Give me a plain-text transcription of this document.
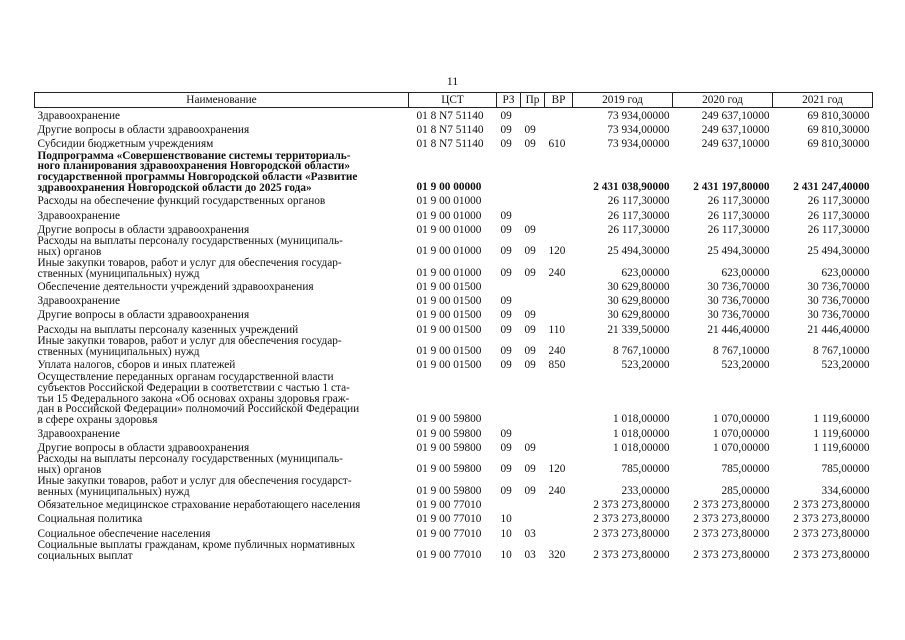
11
Наименование	ЦСТ	РЗ	Пр	ВР	2019 год	2020 год	2021 год

Здравоохранение	01 8 N7 51140	09			73 934,00000	249 637,10000	69 810,30000

Другие вопросы в области здравоохранения	01 8 N7 51140	09	09		73 934,00000	249 637,10000	69 810,30000

Субсидии бюджетным учреждениям	01 8 N7 51140	09	09	610	73 934,00000	249 637,10000	69 810,30000

Подпрограмма «Совершенствование системы территориаль-
ного планирования здравоохранения Новгородской области»
государственной программы Новгородской области «Развитие
здравоохранения Новгородской области до 2025 года»	01 9 00 00000				2 431 038,90000	2 431 197,80000	2 431 247,40000

Расходы на обеспечение функций государственных органов	01 9 00 01000				26 117,30000	26 117,30000	26 117,30000

Здравоохранение	01 9 00 01000	09			26 117,30000	26 117,30000	26 117,30000

Другие вопросы в области здравоохранения	01 9 00 01000	09	09		26 117,30000	26 117,30000	26 117,30000

Расходы на выплаты персоналу государственных (муниципаль-
ных) органов	01 9 00 01000	09	09	120	25 494,30000	25 494,30000	25 494,30000

Иные закупки товаров, работ и услуг для обеспечения государ-
ственных (муниципальных) нужд	01 9 00 01000	09	09	240	623,00000	623,00000	623,00000

Обеспечение деятельности учреждений здравоохранения	01 9 00 01500				30 629,80000	30 736,70000	30 736,70000

Здравоохранение	01 9 00 01500	09			30 629,80000	30 736,70000	30 736,70000

Другие вопросы в области здравоохранения	01 9 00 01500	09	09		30 629,80000	30 736,70000	30 736,70000

Расходы на выплаты персоналу казенных учреждений	01 9 00 01500	09	09	110	21 339,50000	21 446,40000	21 446,40000

Иные закупки товаров, работ и услуг для обеспечения государ-
ственных (муниципальных) нужд	01 9 00 01500	09	09	240	8 767,10000	8 767,10000	8 767,10000

Уплата налогов, сборов и иных платежей	01 9 00 01500	09	09	850	523,20000	523,20000	523,20000

Осуществление переданных органам государственной власти
субъектов Российской Федерации в соответствии с частью 1 ста-
тьи 15 Федерального закона «Об основах охраны здоровья граж-
дан в Российской Федерации» полномочий Российской Федерации
в сфере охраны здоровья	01 9 00 59800				1 018,00000	1 070,00000	1 119,60000

Здравоохранение	01 9 00 59800	09			1 018,00000	1 070,00000	1 119,60000

Другие вопросы в области здравоохранения	01 9 00 59800	09	09		1 018,00000	1 070,00000	1 119,60000

Расходы на выплаты персоналу государственных (муниципаль-
ных) органов	01 9 00 59800	09	09	120	785,00000	785,00000	785,00000

Иные закупки товаров, работ и услуг для обеспечения государст-
венных (муниципальных) нужд	01 9 00 59800	09	09	240	233,00000	285,00000	334,60000

Обязательное медицинское страхование неработающего населения	01 9 00 77010				2 373 273,80000	2 373 273,80000	2 373 273,80000

Социальная политика	01 9 00 77010	10			2 373 273,80000	2 373 273,80000	2 373 273,80000

Социальное обеспечение населения	01 9 00 77010	10	03		2 373 273,80000	2 373 273,80000	2 373 273,80000

Социальные выплаты гражданам, кроме публичных нормативных
социальных выплат	01 9 00 77010	10	03	320	2 373 273,80000	2 373 273,80000	2 373 273,80000
